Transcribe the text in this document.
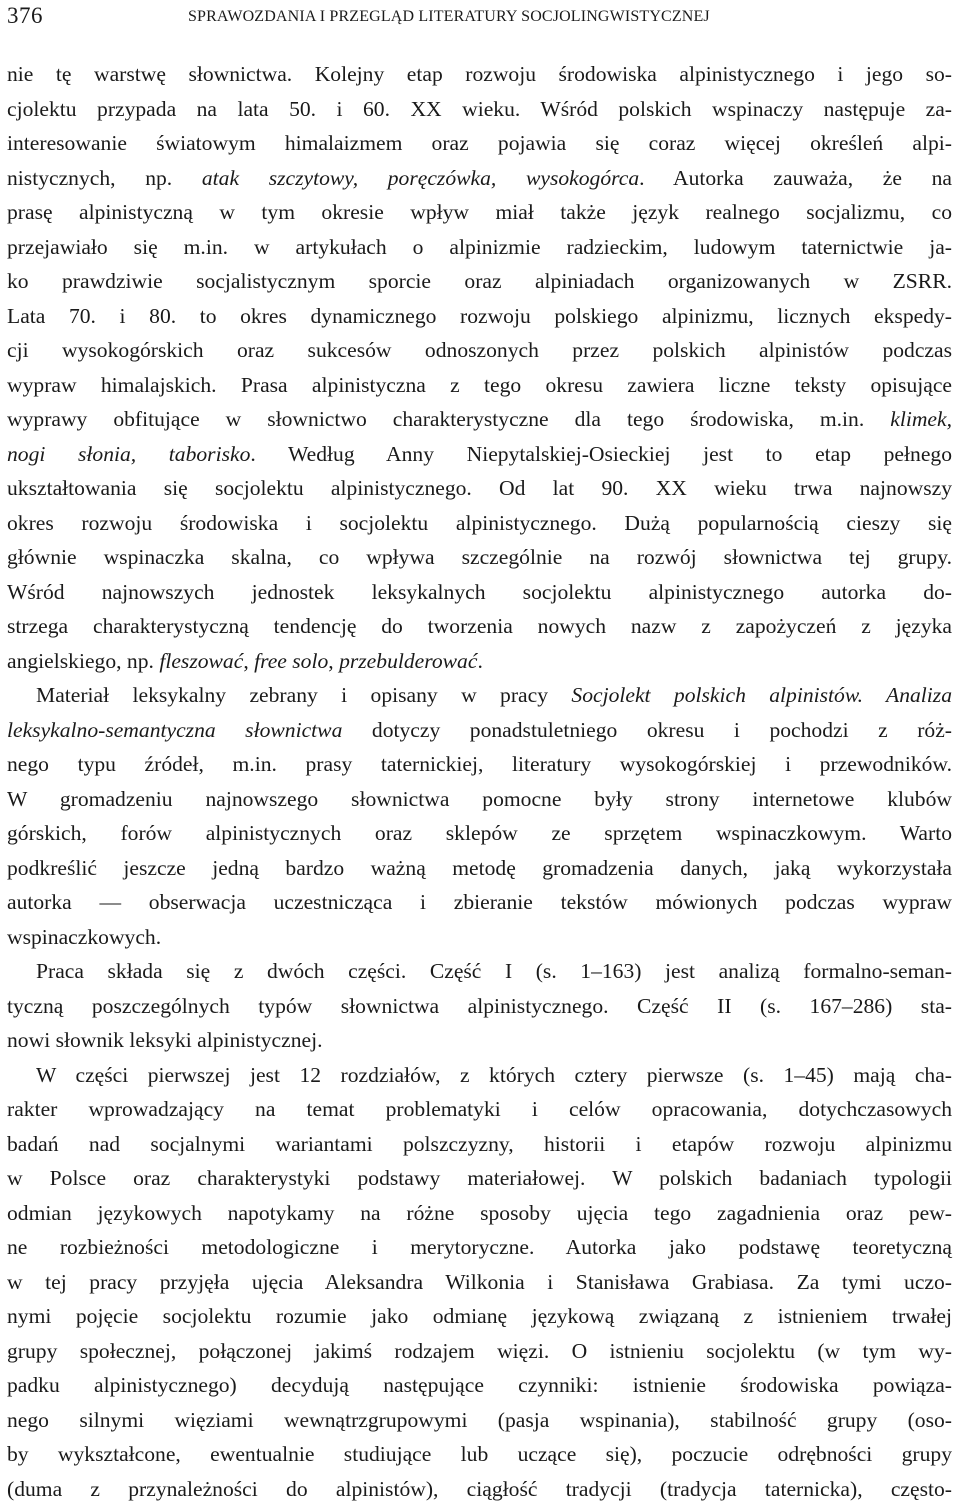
376	SPRAWOZDANIA I PRZEGLĄD LITERATURY SOCJOLINGWISTYCZNEJ
nie tę warstwę słownictwa. Kolejny etap rozwoju środowiska alpinistycznego i jego so-
cjolektu przypada na lata 50. i 60. XX wieku. Wśród polskich wspinaczy następuje za-
interesowanie światowym himalaizmem oraz pojawia się coraz więcej określeń alpi-
nistycznych, np. atak szczytowy, poręczówka, wysokogórca. Autorka zauważa, że na
prasę alpinistyczną w tym okresie wpływ miał także język realnego socjalizmu, co
przejawiało się m.in. w artykułach o alpinizmie radzieckim, ludowym taternictwie ja-
ko prawdziwie socjalistycznym sporcie oraz alpiniadach organizowanych w ZSRR.
Lata 70. i 80. to okres dynamicznego rozwoju polskiego alpinizmu, licznych ekspedy-
cji wysokogórskich oraz sukcesów odnoszonych przez polskich alpinistów podczas
wypraw himalajskich. Prasa alpinistyczna z tego okresu zawiera liczne teksty opisujące
wyprawy obfitujące w słownictwo charakterystyczne dla tego środowiska, m.in. klimek,
nogi słonia, taborisko. Według Anny Niepytalskiej-Osieckiej jest to etap pełnego
ukształtowania się socjolektu alpinistycznego. Od lat 90. XX wieku trwa najnowszy
okres rozwoju środowiska i socjolektu alpinistycznego. Dużą popularnością cieszy się
głównie wspinaczka skalna, co wpływa szczególnie na rozwój słownictwa tej grupy.
Wśród najnowszych jednostek leksykalnych socjolektu alpinistycznego autorka do-
strzega charakterystyczną tendencję do tworzenia nowych nazw z zapożyczeń z języka
angielskiego, np. fleszować, free solo, przebulderować.
Materiał leksykalny zebrany i opisany w pracy Socjolekt polskich alpinistów. Analiza
leksykalno-semantyczna słownictwa dotyczy ponadstuletniego okresu i pochodzi z róż-
nego typu źródeł, m.in. prasy taternickiej, literatury wysokogórskiej i przewodników.
W gromadzeniu najnowszego słownictwa pomocne były strony internetowe klubów
górskich, forów alpinistycznych oraz sklepów ze sprzętem wspinaczkowym. Warto
podkreślić jeszcze jedną bardzo ważną metodę gromadzenia danych, jaką wykorzystała
autorka — obserwacja uczestnicząca i zbieranie tekstów mówionych podczas wypraw
wspinaczkowych.
Praca składa się z dwóch części. Część I (s. 1–163) jest analizą formalno-seman-
tyczną poszczególnych typów słownictwa alpinistycznego. Część II (s. 167–286) sta-
nowi słownik leksyki alpinistycznej.
W części pierwszej jest 12 rozdziałów, z których cztery pierwsze (s. 1–45) mają cha-
rakter wprowadzający na temat problematyki i celów opracowania, dotychczasowych
badań nad socjalnymi wariantami polszczyzny, historii i etapów rozwoju alpinizmu
w Polsce oraz charakterystyki podstawy materiałowej. W polskich badaniach typologii
odmian językowych napotykamy na różne sposoby ujęcia tego zagadnienia oraz pew-
ne rozbieżności metodologiczne i merytoryczne. Autorka jako podstawę teoretyczną
w tej pracy przyjęła ujęcia Aleksandra Wilkonia i Stanisława Grabiasa. Za tymi uczo-
nymi pojęcie socjolektu rozumie jako odmianę językową związaną z istnieniem trwałej
grupy społecznej, połączonej jakimś rodzajem więzi. O istnieniu socjolektu (w tym wy-
padku alpinistycznego) decydują następujące czynniki: istnienie środowiska powiąza-
nego silnymi więziami wewnątrzgrupowymi (pasja wspinania), stabilność grupy (oso-
by wykształcone, ewentualnie studiujące lub uczące się), poczucie odrębności grupy
(duma z przynależności do alpinistów), ciągłość tradycji (tradycja taternicka), często-
